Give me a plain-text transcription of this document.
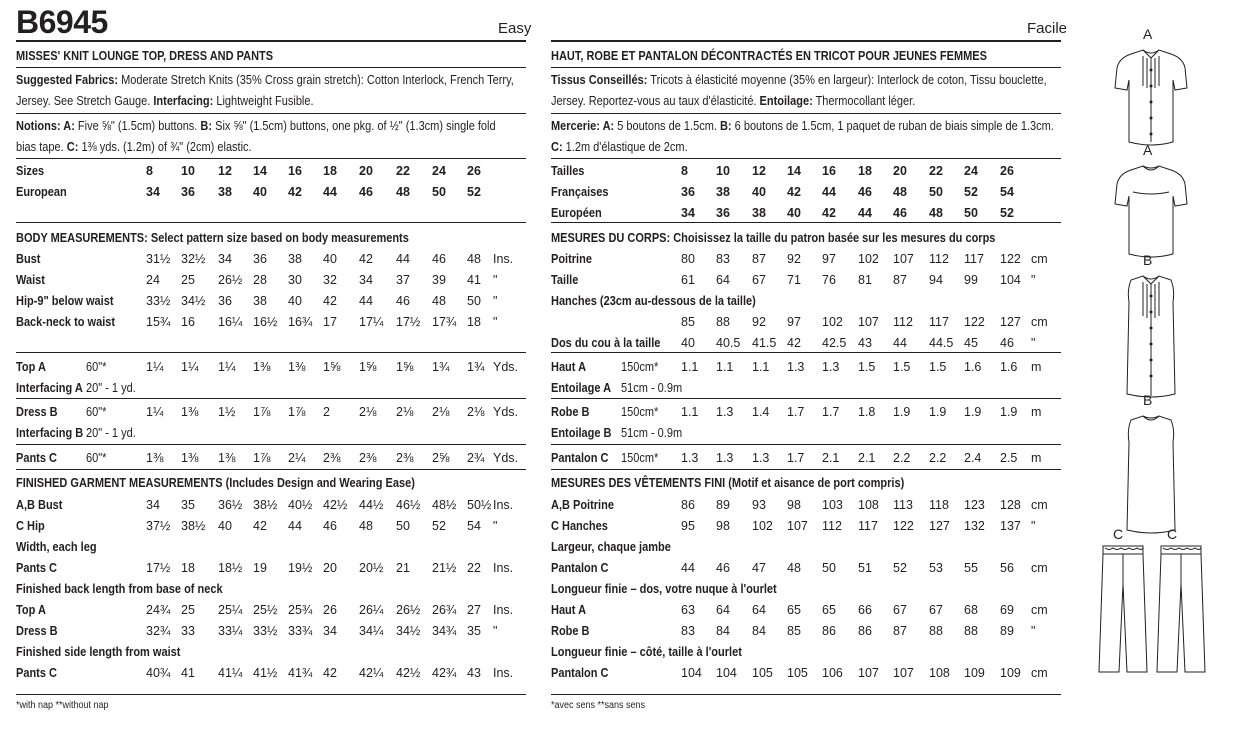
B6945	Easy	Facile
MISSES' KNIT LOUNGE TOP, DRESS AND PANTS
Suggested Fabrics: Moderate Stretch Knits (35% Cross grain stretch): Cotton Interlock, French Terry,
Jersey. See Stretch Gauge. Interfacing: Lightweight Fusible.
Notions: A: Five ⅝" (1.5cm) buttons. B: Six ⅝" (1.5cm) buttons, one pkg. of ½" (1.3cm) single fold
bias tape. C: 1⅜ yds. (1.2m) of ¾" (2cm) elastic.
BODY MEASUREMENTS: Select pattern size based on body measurements
FINISHED GARMENT MEASUREMENTS (Includes Design and Wearing Ease)
*with nap **without nap
Sizes	8 10 12 14 16 18 20 22 24 26
European	34 36 38 40 42 44 46 48 50 52
Bust	31½ 32½ 34 36 38 40 42 44 46 48 Ins.
Waist	24 25 26½ 28 30 32 34 37 39 41 "
Hip-9" below waist	33½ 34½ 36 38 40 42 44 46 48 50 "
Back-neck to waist 15¾ 16 16¼ 16½ 16¾ 17 17¼ 17½ 17¾ 18 "
Top A	60"*	1¼ 1¼ 1¼ 1⅜ 1⅜ 1⅝ 1⅝ 1⅝ 1¾ 1¾ Yds.
Interfacing A 20" - 1 yd.
Dress B 60"*	1¼ 1⅜ 1½ 1⅞ 1⅞ 2 2⅛ 2⅛ 2⅛ 2⅛ Yds.
Interfacing B 20" - 1 yd.
Pants C 60"*	1⅜ 1⅜ 1⅜ 1⅞ 2¼ 2⅜ 2⅜ 2⅜ 2⅝ 2¾ Yds.
A,B Bust	34 35 36½ 38½ 40½ 42½ 44½ 46½ 48½ 50½ Ins.
C Hip	37½ 38½ 40 42 44 46 48 50 52 54 "
Width, each leg
Pants C	17½ 18 18½ 19 19½ 20 20½ 21 21½ 22 Ins.
Finished back length from base of neck
Top A	24¾ 25 25¼ 25½ 25¾ 26 26¼ 26½ 26¾ 27 Ins.
Dress B	32¾ 33 33¼ 33½ 33¾ 34 34¼ 34½ 34¾ 35 "
Finished side length from waist
Pants C	40¾ 41 41¼ 41½ 41¾ 42 42¼ 42½ 42¾ 43 Ins.
HAUT, ROBE ET PANTALON DÉCONTRACTÉS EN TRICOT POUR JEUNES FEMMES
Tissus Conseillés: Tricots à élasticité moyenne (35% en largeur): Interlock de coton, Tissu bouclette,
Jersey. Reportez-vous au taux d'élasticité. Entoilage: Thermocollant léger.
Mercerie: A: 5 boutons de 1.5cm. B: 6 boutons de 1.5cm, 1 paquet de ruban de biais simple de 1.3cm.
C: 1.2m d'élastique de 2cm.
MESURES DU CORPS: Choisissez la taille du patron basée sur les mesures du corps
MESURES DES VÊTEMENTS FINI (Motif et aisance de port compris)
*avec sens **sans sens
Tailles	8 10 12 14 16 18 20 22 24 26
Françaises	36 38 40 42 44 46 48 50 52 54
Européen	34 36 38 40 42 44 46 48 50 52
Poitrine	80 83 87 92 97 102 107 112 117 122 cm
Taille	61 64 67 71 76 81 87 94 99 104 "
Hanches (23cm au-dessous de la taille)
85 88 92 97 102 107 112 117 122 127 cm
Dos du cou à la taille 40 40.5 41.5 42 42.5 43 44 44.5 45 46 "
Haut A	150cm* 1.1 1.1 1.1 1.3 1.3 1.5 1.5 1.5 1.6 1.6 m
Entoilage A 51cm - 0.9m
Robe B	150cm* 1.1 1.3 1.4 1.7 1.7 1.8 1.9 1.9 1.9 1.9 m
Entoilage B 51cm - 0.9m
Pantalon C 150cm* 1.3 1.3 1.3 1.7 2.1 2.1 2.2 2.2 2.4 2.5 m
A,B Poitrine	86 89 93 98 103 108 113 118 123 128 cm
C Hanches	95 98 102 107 112 117 122 127 132 137 "
Largeur, chaque jambe
Pantalon C	44 46 47 48 50 51 52 53 55 56 cm
Longueur finie – dos, votre nuque à l'ourlet
Haut A	63 64 64 65 65 66 67 67 68 69 cm
Robe B	83 84 84 85 86 86 87 88 88 89 "
Longueur finie – côté, taille à l'ourlet
Pantalon C	104 104 105 105 106 107 107 108 109 109 cm
A
A
B
B
C	C
